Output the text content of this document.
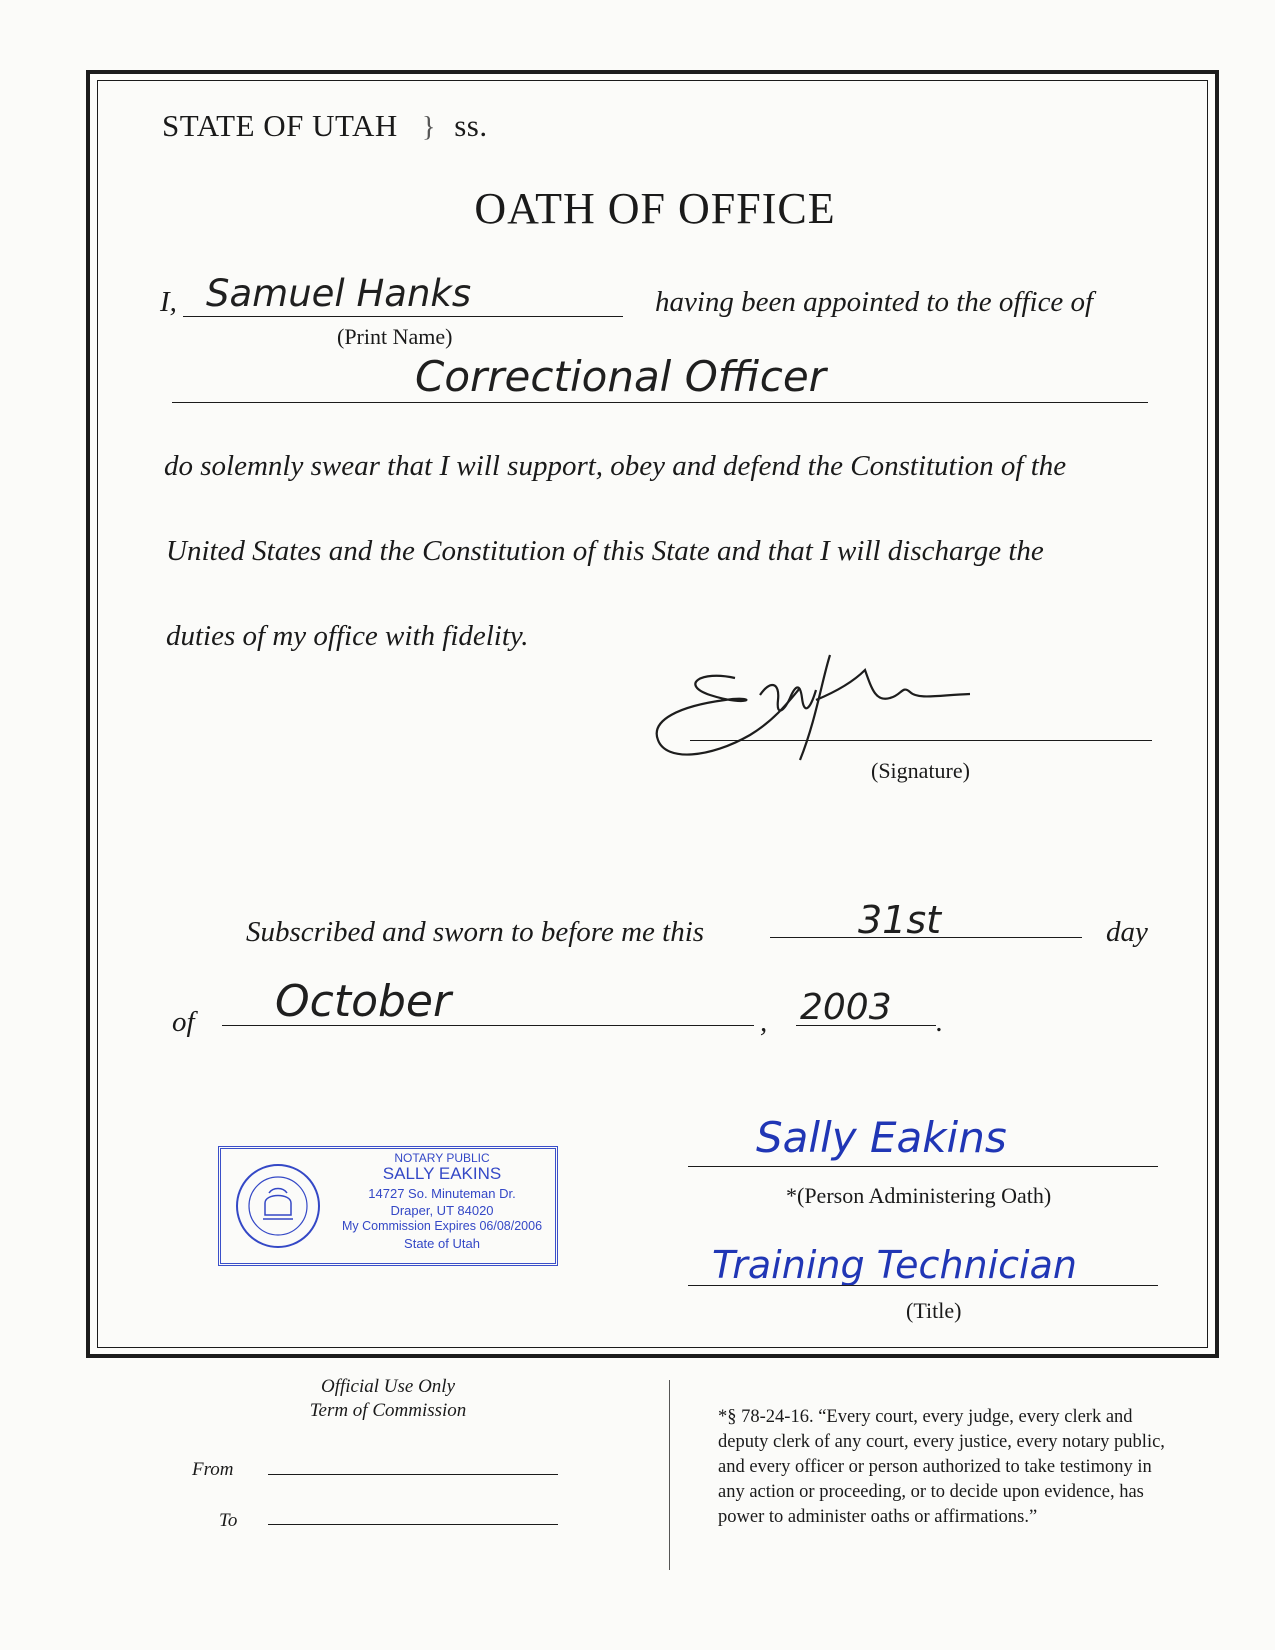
STATE OF UTAH } ss.
OATH OF OFFICE
I, Samuel Hanks
(Print Name)
having been appointed to the office of
Correctional Officer
do solemnly swear that I will support, obey and defend the Constitution of the
United States and the Constitution of this State and that I will discharge the
duties of my office with fidelity.
(Signature)
Subscribed and sworn to before me this	31st	day
of October	, 2003 .
NOTARY PUBLIC
SALLY EAKINS
14727 So. Minuteman Dr.
Draper, UT 84020
My Commission Expires 06/08/2006
State of Utah
Sally Eakins
*(Person Administering Oath)
Training Technician
(Title)
Official Use Only
Term of Commission
From
To
*§ 78-24-16. “Every court, every judge, every clerk and
deputy clerk of any court, every justice, every notary public,
and every officer or person authorized to take testimony in
any action or proceeding, or to decide upon evidence, has
power to administer oaths or affirmations.”
